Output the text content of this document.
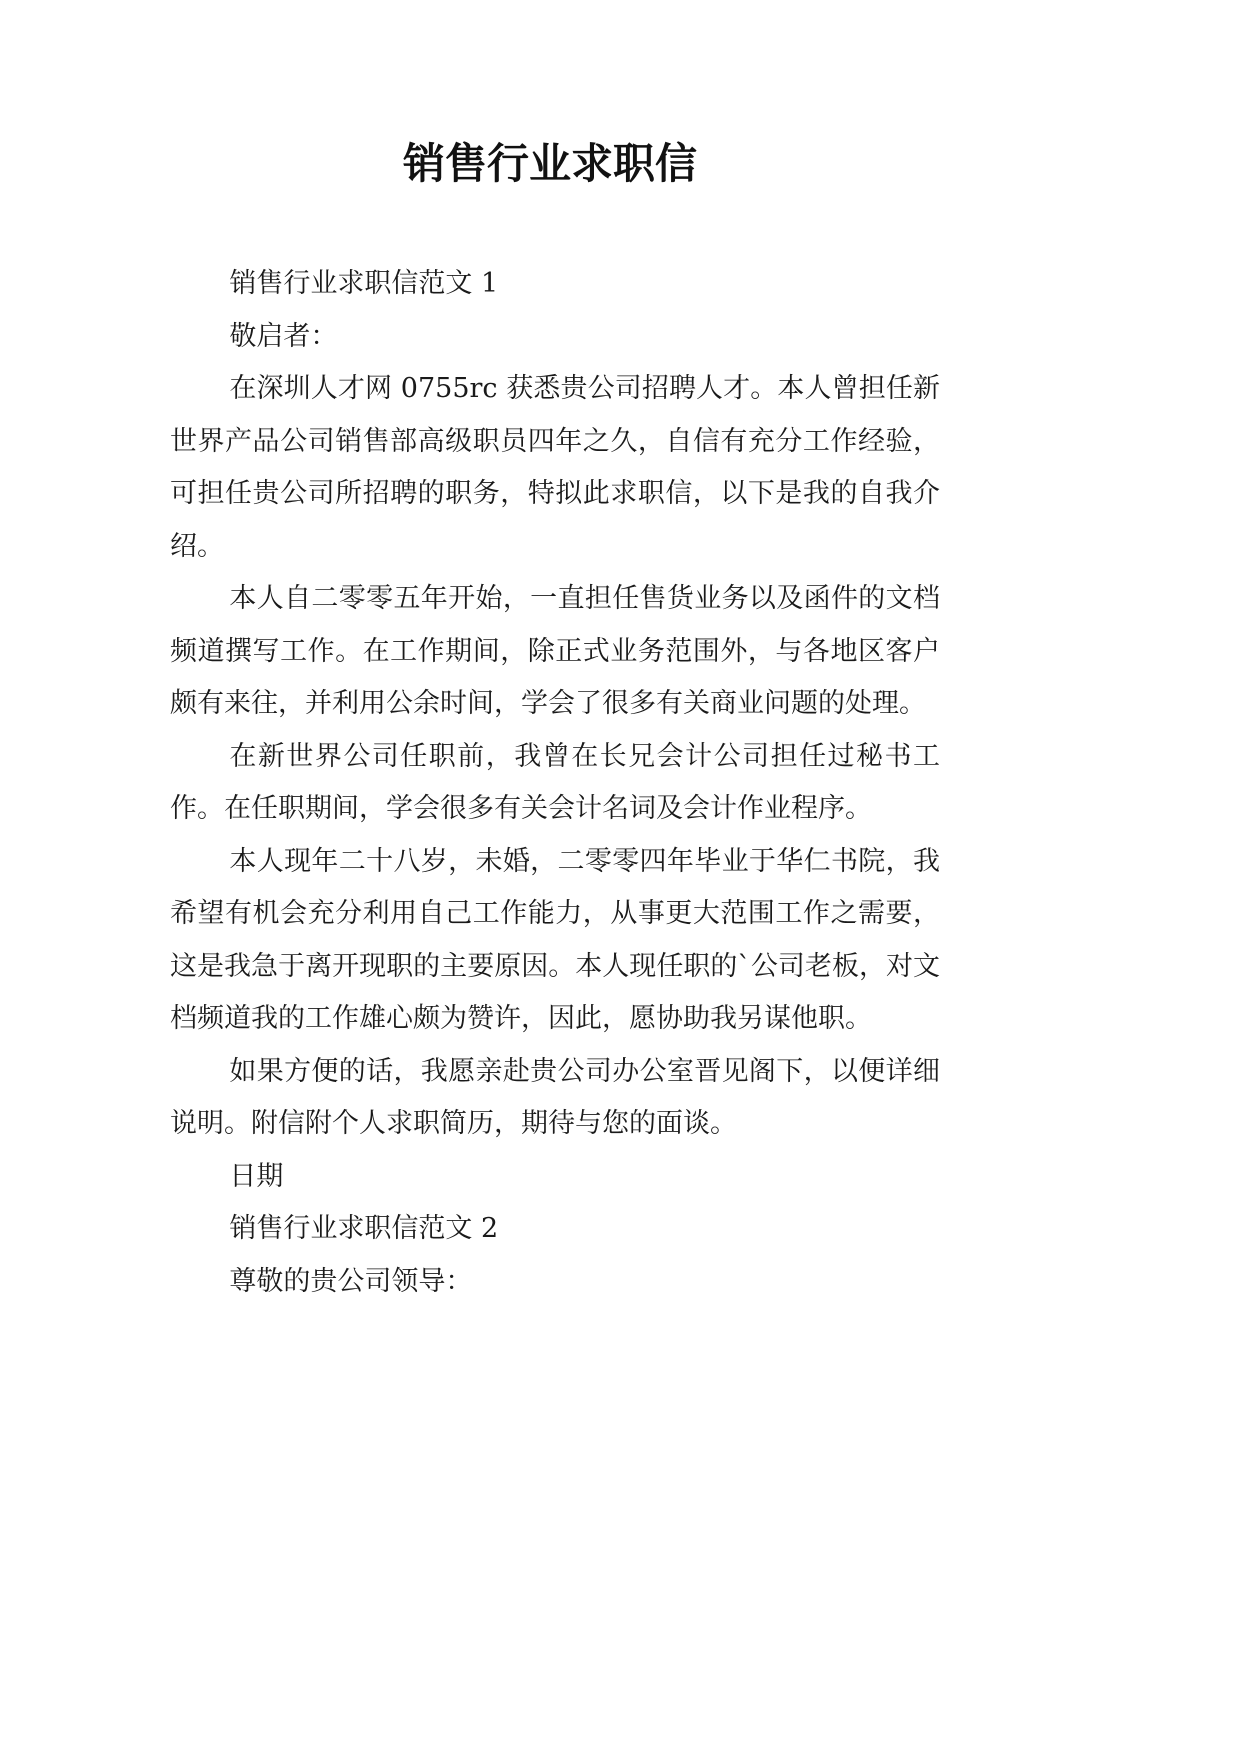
销售行业求职信

销售行业求职信范文 1

敬启者：

在深圳人才网 0755rc 获悉贵公司招聘人才。本人曾担任新世界产品公司销售部高级职员四年之久，自信有充分工作经验，可担任贵公司所招聘的职务，特拟此求职信，以下是我的自我介绍。

本人自二零零五年开始，一直担任售货业务以及函件的文档频道撰写工作。在工作期间，除正式业务范围外，与各地区客户颇有来往，并利用公余时间，学会了很多有关商业问题的处理。

在新世界公司任职前，我曾在长兄会计公司担任过秘书工作。在任职期间，学会很多有关会计名词及会计作业程序。

本人现年二十八岁，未婚，二零零四年毕业于华仁书院，我希望有机会充分利用自己工作能力，从事更大范围工作之需要，这是我急于离开现职的主要原因。本人现任职的`公司老板，对文档频道我的工作雄心颇为赞许，因此，愿协助我另谋他职。

如果方便的话，我愿亲赴贵公司办公室晋见阁下，以便详细说明。附信附个人求职简历，期待与您的面谈。

日期

销售行业求职信范文 2

尊敬的贵公司领导：
